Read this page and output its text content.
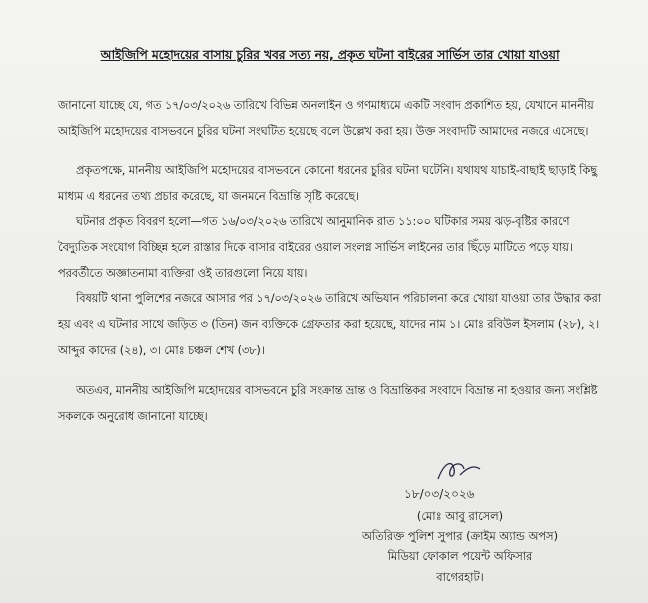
আইজিপি মহোদয়ের বাসায় চুরির খবর সত্য নয়, প্রকৃত ঘটনা বাইরের সার্ভিস তার খোয়া যাওয়া

জানানো যাচ্ছে যে, গত ১৭/০৩/২০২৬ তারিখে বিভিন্ন অনলাইন ও গণমাধ্যমে একটি সংবাদ প্রকাশিত হয়, যেখানে মাননীয় আইজিপি মহোদয়ের বাসভবনে চুরির ঘটনা সংঘটিত হয়েছে বলে উল্লেখ করা হয়। উক্ত সংবাদটি আমাদের নজরে এসেছে।

প্রকৃতপক্ষে, মাননীয় আইজিপি মহোদয়ের বাসভবনে কোনো ধরনের চুরির ঘটনা ঘটেনি। যথাযথ যাচাই-বাছাই ছাড়াই কিছু মাধ্যম এ ধরনের তথ্য প্রচার করেছে, যা জনমনে বিভ্রান্তি সৃষ্টি করেছে।

ঘটনার প্রকৃত বিবরণ হলো—গত ১৬/০৩/২০২৬ তারিখে আনুমানিক রাত ১১:০০ ঘটিকার সময় ঝড়-বৃষ্টির কারণে বৈদ্যুতিক সংযোগ বিচ্ছিন্ন হলে রাস্তার দিকে বাসার বাইরের ওয়াল সংলগ্ন সার্ভিস লাইনের তার ছিঁড়ে মাটিতে পড়ে যায়। পরবর্তীতে অজ্ঞাতনামা ব্যক্তিরা ওই তারগুলো নিয়ে যায়।

বিষয়টি থানা পুলিশের নজরে আসার পর ১৭/০৩/২০২৬ তারিখে অভিযান পরিচালনা করে খোয়া যাওয়া তার উদ্ধার করা হয় এবং এ ঘটনার সাথে জড়িত ৩ (তিন) জন ব্যক্তিকে গ্রেফতার করা হয়েছে, যাদের নাম ১। মোঃ রবিউল ইসলাম (২৮), ২। আব্দুর কাদের (২৪), ৩। মোঃ চঞ্চল শেখ (৩৮)।

অতএব, মাননীয় আইজিপি মহোদয়ের বাসভবনে চুরি সংক্রান্ত ভ্রান্ত ও বিভ্রান্তিকর সংবাদে বিভ্রান্ত না হওয়ার জন্য সংশ্লিষ্ট সকলকে অনুরোধ জানানো যাচ্ছে।

১৮/০৩/২০২৬
(মোঃ আবু রাসেল)
অতিরিক্ত পুলিশ সুপার (ক্রাইম অ্যান্ড অপস)
মিডিয়া ফোকাল পয়েন্ট অফিসার
বাগেরহাট।
